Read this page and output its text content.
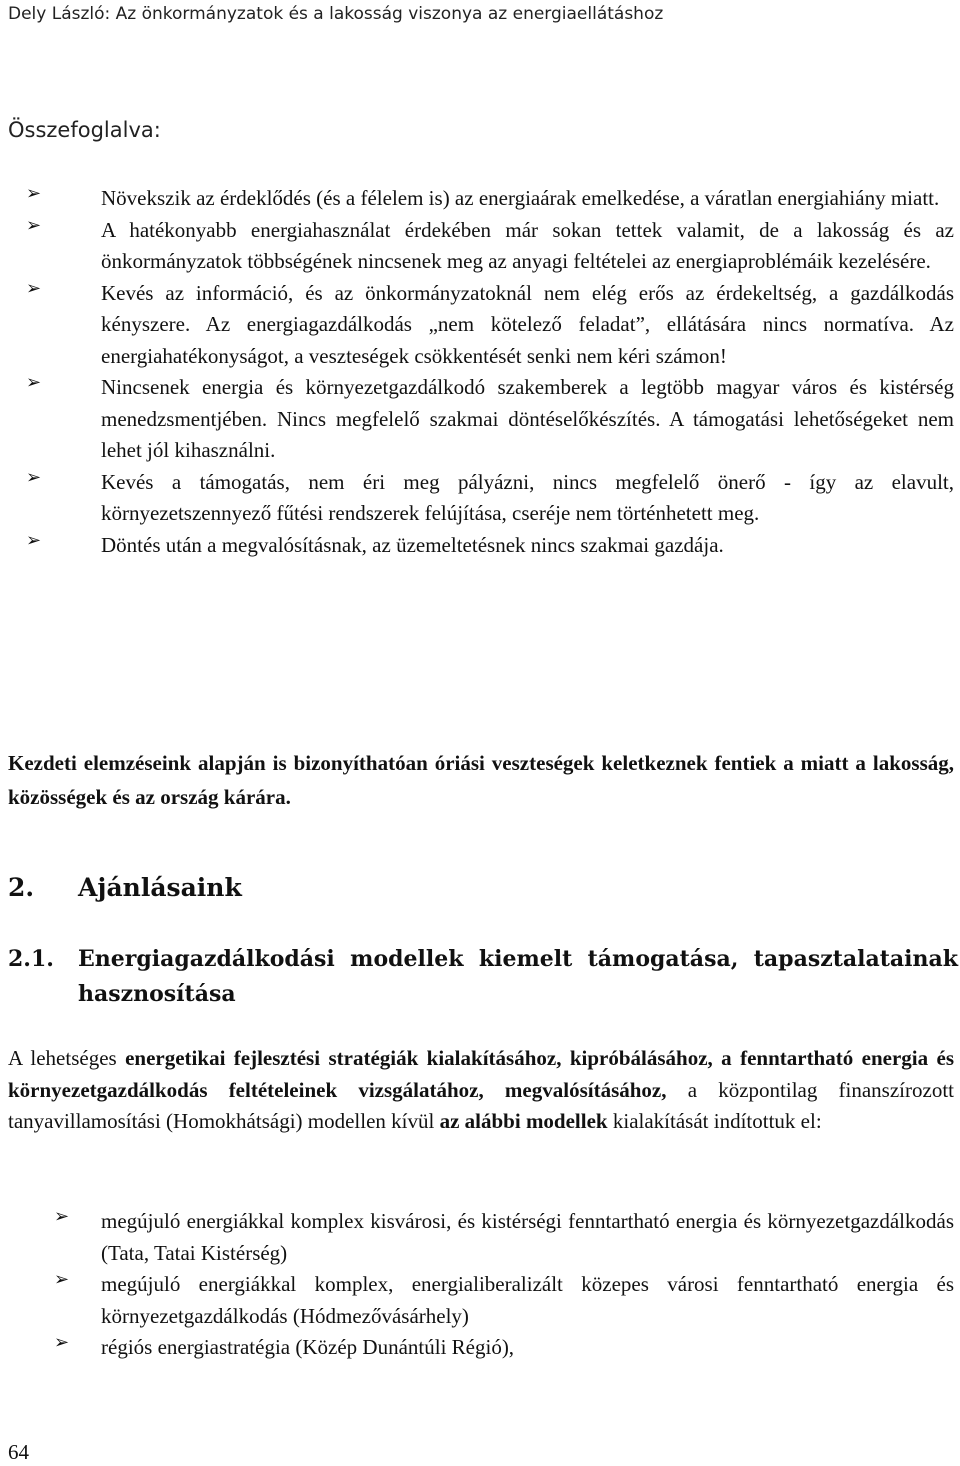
Dely László: Az önkormányzatok és a lakosság viszonya az energiaellátáshoz
Összefoglalva:
➢	Növekszik az érdeklődés (és a félelem is) az energiaárak emelkedése, a váratlan energiahiány miatt.

➢	A hatékonyabb energiahasználat érdekében már sokan tettek valamit, de a lakosság és az önkormányzatok többségének nincsenek meg az anyagi feltételei az energiaproblémáik kezelésére.

➢	Kevés az információ, és az önkormányzatoknál nem elég erős az érdekeltség, a gazdálkodás kényszere. Az energiagazdálkodás „nem kötelező feladat”, ellátására nincs normatíva. Az energiahatékonyságot, a veszteségek csökkentését senki nem kéri számon!

➢	Nincsenek energia és környezetgazdálkodó szakemberek a legtöbb magyar város és kistérség menedzsmentjében. Nincs megfelelő szakmai döntéselőkészítés. A támogatási lehetőségeket nem lehet jól kihasználni.

➢	Kevés a támogatás, nem éri meg pályázni, nincs megfelelő önerő - így az elavult, környezetszennyező fűtési rendszerek felújítása, cseréje nem történhetett meg.

➢	Döntés után a megvalósításnak, az üzemeltetésnek nincs szakmai gazdája.

Kezdeti elemzéseink alapján is bizonyíthatóan óriási veszteségek keletkeznek fentiek a miatt a lakosság, közösségek és az ország kárára.

2. Ajánlásaink
2.1.	Energiagazdálkodási modellek kiemelt támogatása, tapasztalatainak hasznosítása

A lehetséges energetikai fejlesztési stratégiák kialakításához, kipróbálásához, a fenntartható energia és környezetgazdálkodás feltételeinek vizsgálatához, megvalósításához, a központilag finanszírozott tanyavillamosítási (Homokhátsági) modellen kívül az alábbi modellek kialakítását indítottuk el:

➢ megújuló energiákkal komplex kisvárosi, és kistérségi fenntartható energia és környezetgazdálkodás (Tata, Tatai Kistérség)

➢ megújuló energiákkal komplex, energialiberalizált közepes városi fenntartható energia és környezetgazdálkodás (Hódmezővásárhely)

➢ régiós energiastratégia (Közép Dunántúli Régió),

64
